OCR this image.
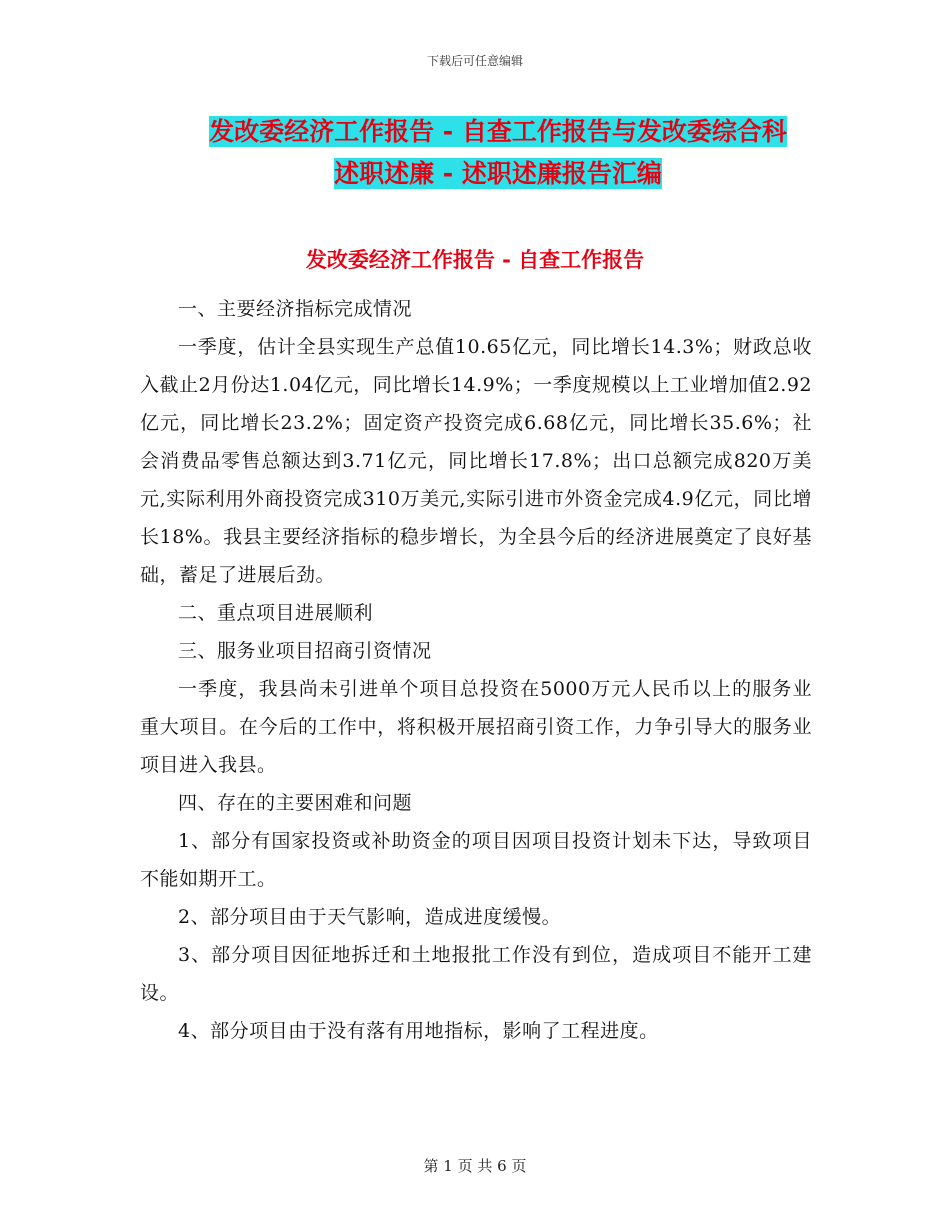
下载后可任意编辑
发改委经济工作报告 - 自查工作报告与发改委综合科
述职述廉 - 述职述廉报告汇编
发改委经济工作报告 - 自查工作报告

一、主要经济指标完成情况

一季度，估计全县实现生产总值10.65亿元，同比增长14.3%；财政总收入截止2月份达1.04亿元，同比增长14.9%；一季度规模以上工业增加值2.92亿元，同比增长23.2%；固定资产投资完成6.68亿元，同比增长35.6%；社会消费品零售总额达到3.71亿元，同比增长17.8%；出口总额完成820万美元,实际利用外商投资完成310万美元,实际引进市外资金完成4.9亿元，同比增长18%。我县主要经济指标的稳步增长，为全县今后的经济进展奠定了良好基础，蓄足了进展后劲。

二、重点项目进展顺利

三、服务业项目招商引资情况

一季度，我县尚未引进单个项目总投资在5000万元人民币以上的服务业重大项目。在今后的工作中，将积极开展招商引资工作，力争引导大的服务业项目进入我县。

四、存在的主要困难和问题

1、部分有国家投资或补助资金的项目因项目投资计划未下达，导致项目不能如期开工。

2、部分项目由于天气影响，造成进度缓慢。

3、部分项目因征地拆迁和土地报批工作没有到位，造成项目不能开工建设。

4、部分项目由于没有落有用地指标，影响了工程进度。

第 1 页 共 6 页
